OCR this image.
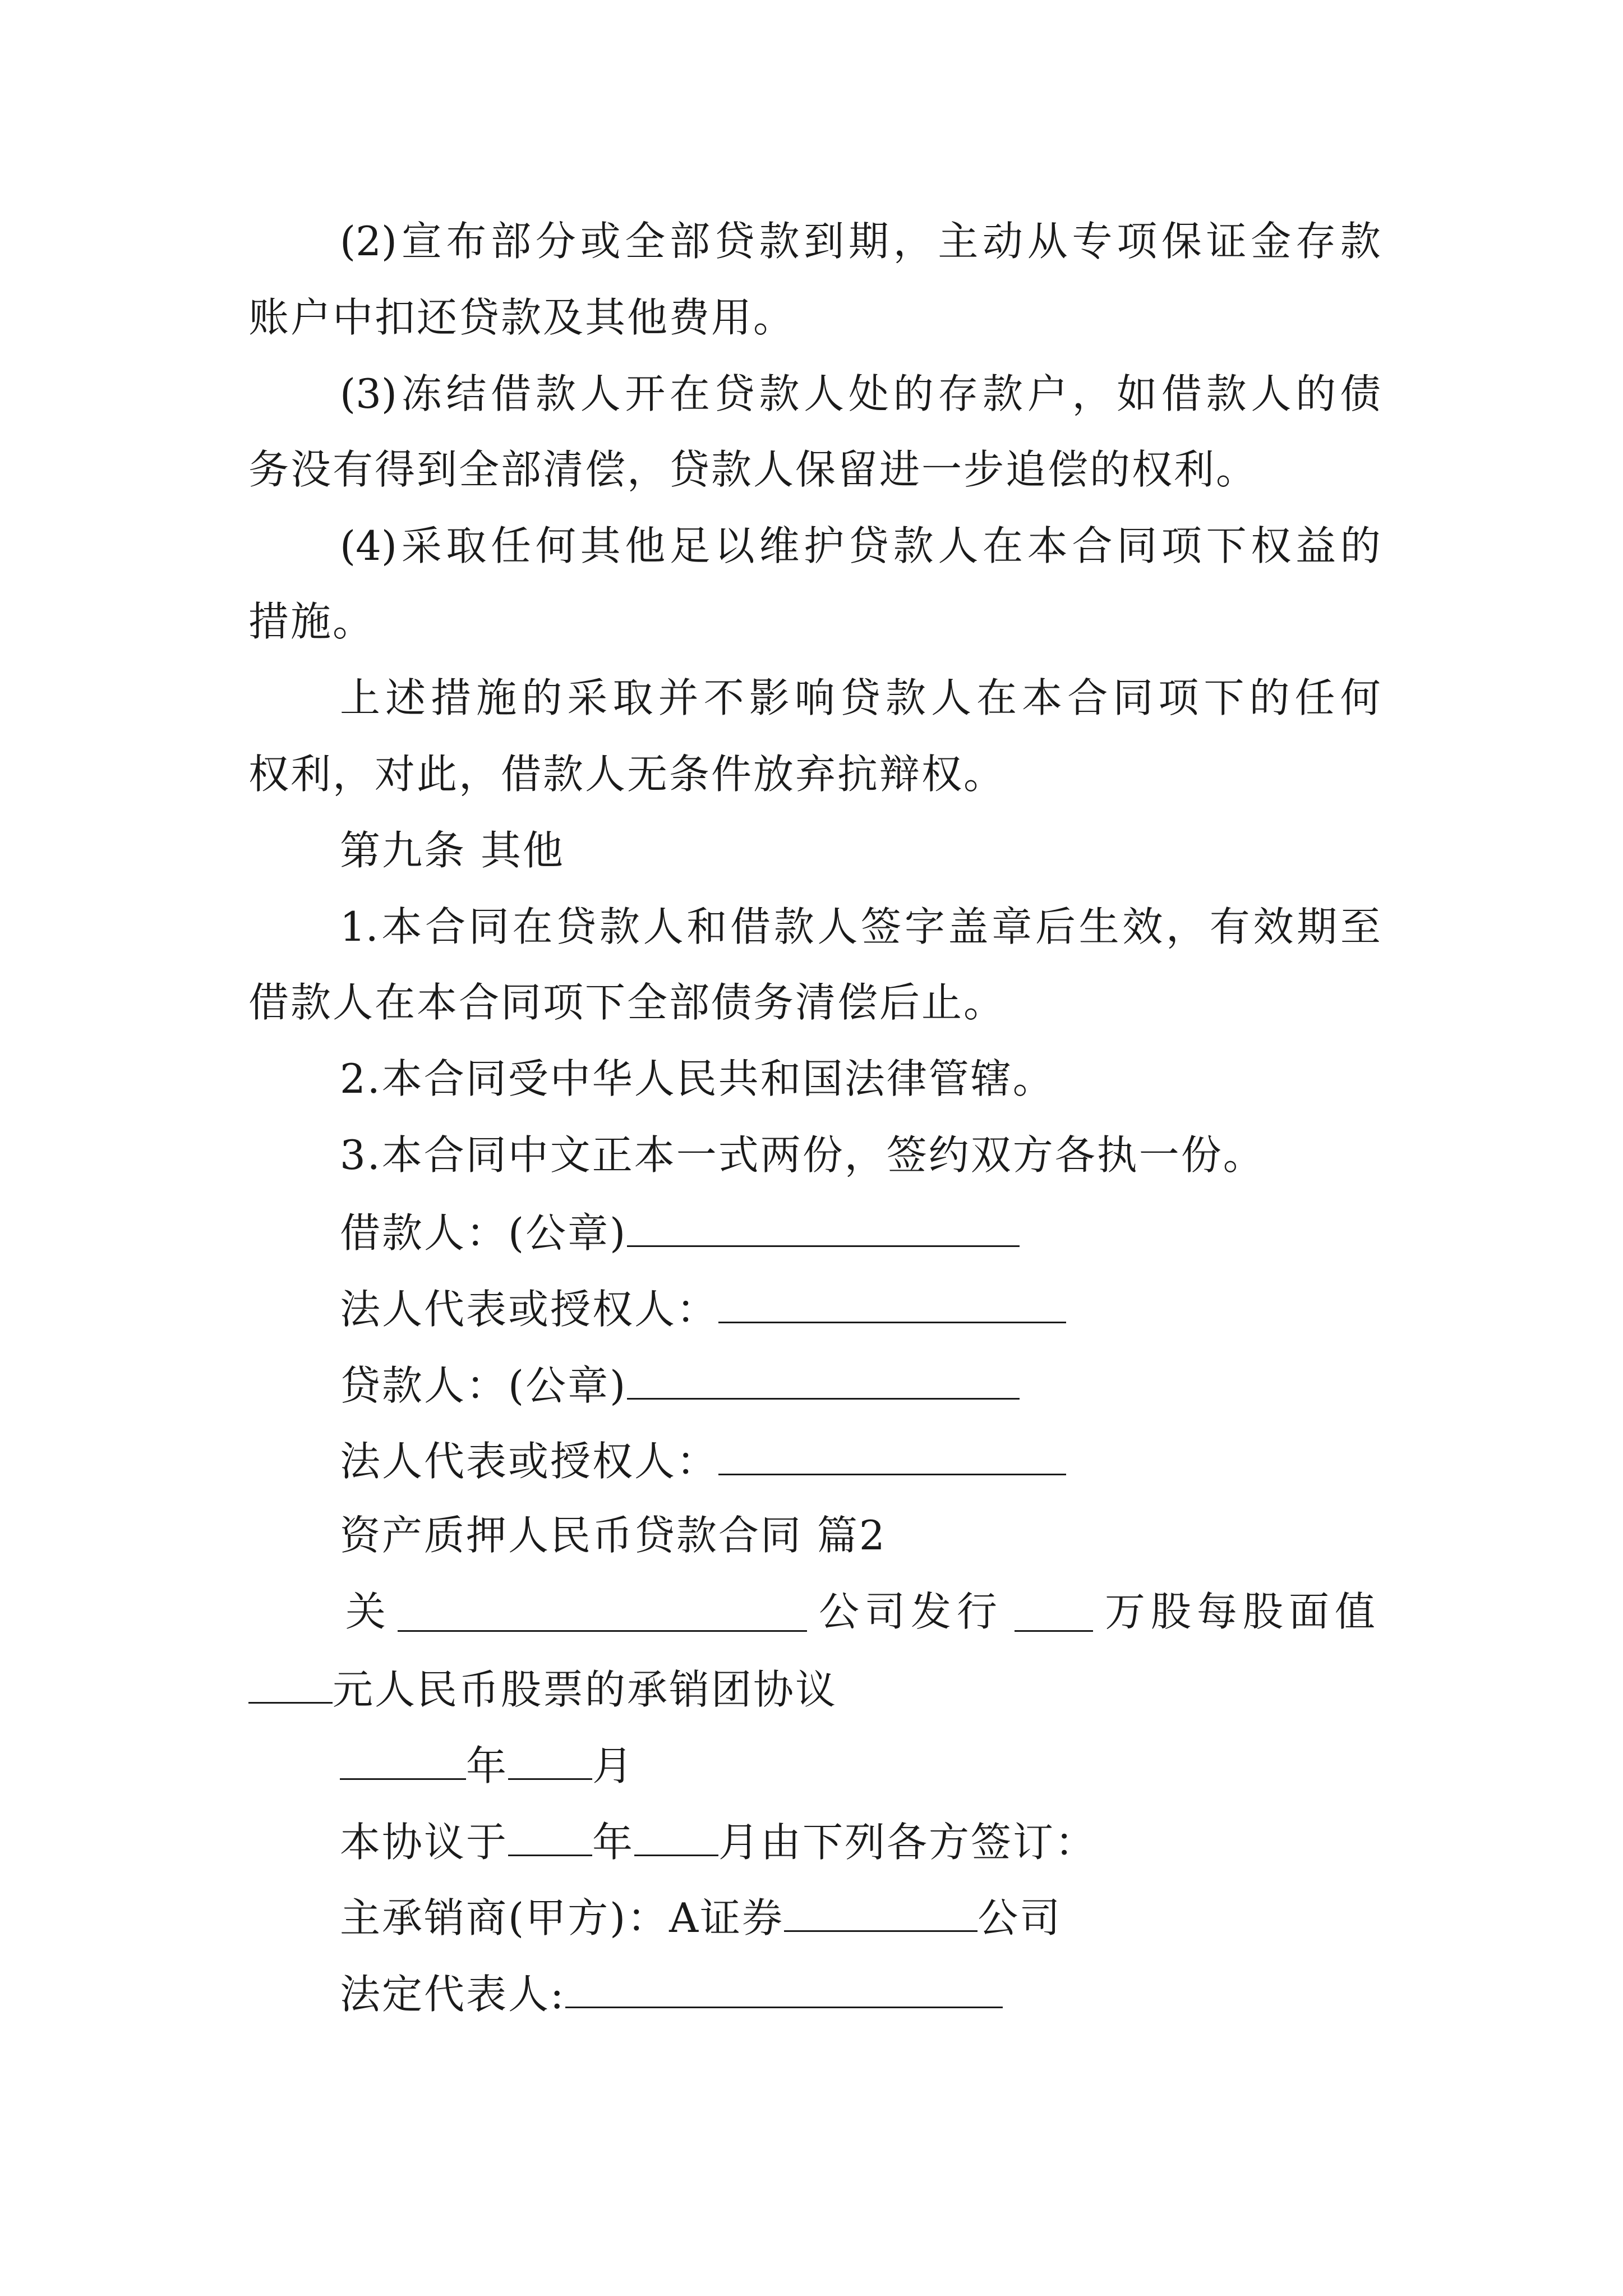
(2) 宣 布 部 分 或 全 部 贷 款 到 期 ， 主 动 从 专 项 保 证 金 存 款
账户中扣还贷款及其他费用。
(3) 冻 结 借 款 人 开 在 贷 款 人 处 的 存 款 户 ， 如 借 款 人 的 债
务没有得到全部清偿，贷款人保留进一步追偿的权利。
(4) 采 取 任 何 其 他 足 以 维 护 贷 款 人 在 本 合 同 项 下 权 益 的
措施。
上 述 措 施 的 采 取 并 不 影 响 贷 款 人 在 本 合 同 项 下 的 任 何
权利，对此，借款人无条件放弃抗辩权。
第九条 其他
1. 本 合 同 在 贷 款 人 和 借 款 人 签 字 盖 章 后 生 效 ， 有 效 期 至
借款人在本合同项下全部债务清偿后止。
2.本合同受中华人民共和国法律管辖。
3.本合同中文正本一式两份，签约双方各执一份。
借款人：(公章)
法人代表或授权人：
贷款人：(公章)
法人代表或授权人：
资产质押人民币贷款合同 篇2
关	公司发行	万股每股面值
元人民币股票的承销团协议
年 月
本协议于 年 月由下列各方签订：
主承销商(甲方)：A证券	公司
法定代表人:
